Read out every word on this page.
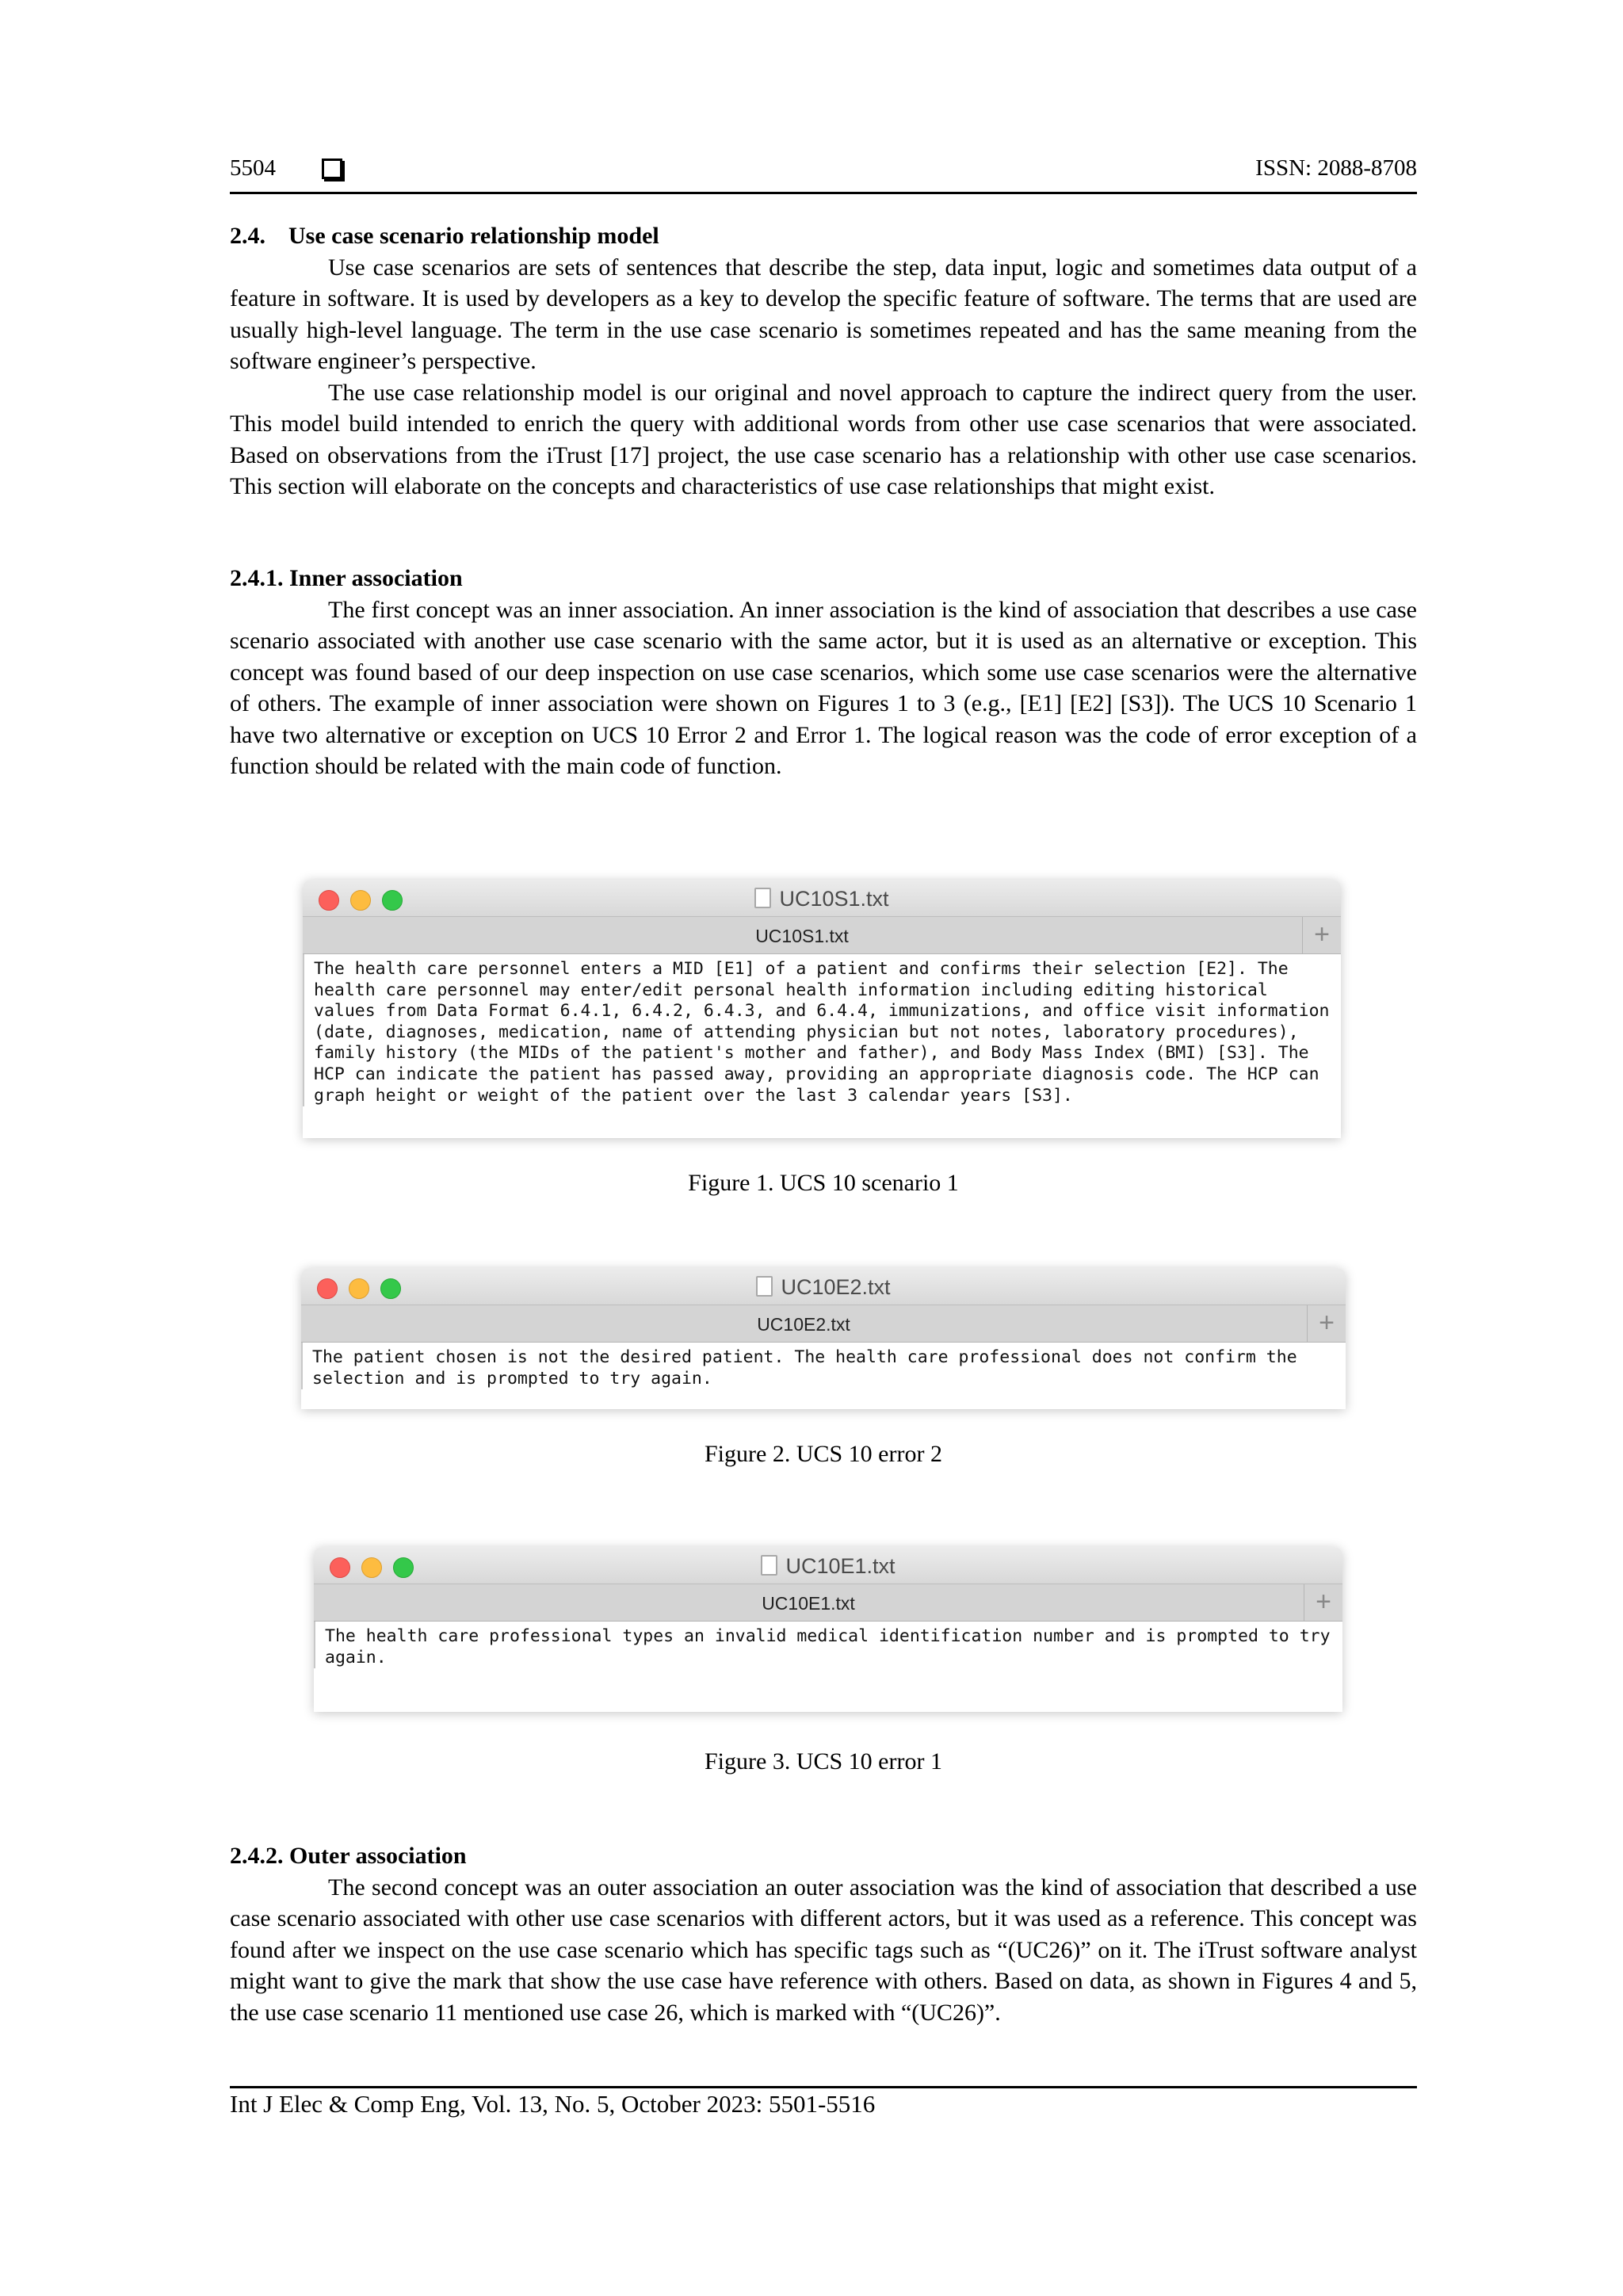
5504	ISSN: 2088-8708

2.4. Use case scenario relationship model

Use case scenarios are sets of sentences that describe the step, data input, logic and sometimes data output of a feature in software. It is used by developers as a key to develop the specific feature of software. The terms that are used are usually high-level language. The term in the use case scenario is sometimes repeated and has the same meaning from the software engineer’s perspective.

The use case relationship model is our original and novel approach to capture the indirect query from the user. This model build intended to enrich the query with additional words from other use case scenarios that were associated. Based on observations from the iTrust [17] project, the use case scenario has a relationship with other use case scenarios. This section will elaborate on the concepts and characteristics of use case relationships that might exist.

2.4.1. Inner association

The first concept was an inner association. An inner association is the kind of association that describes a use case scenario associated with another use case scenario with the same actor, but it is used as an alternative or exception. This concept was found based of our deep inspection on use case scenarios, which some use case scenarios were the alternative of others. The example of inner association were shown on Figures 1 to 3 (e.g., [E1] [E2] [S3]). The UCS 10 Scenario 1 have two alternative or exception on UCS 10 Error 2 and Error 1. The logical reason was the code of error exception of a function should be related with the main code of function.

UC10S1.txt
UC10S1.txt	+
The health care personnel enters a MID [E1] of a patient and confirms their selection [E2]. The health care personnel may enter/edit personal health information including editing historical values from Data Format 6.4.1, 6.4.2, 6.4.3, and 6.4.4, immunizations, and office visit information (date, diagnoses, medication, name of attending physician but not notes, laboratory procedures), family history (the MIDs of the patient's mother and father), and Body Mass Index (BMI) [S3]. The HCP can indicate the patient has passed away, providing an appropriate diagnosis code. The HCP can graph height or weight of the patient over the last 3 calendar years [S3].
Figure 1. UCS 10 scenario 1
UC10E2.txt
UC10E2.txt	+
The patient chosen is not the desired patient. The health care professional does not confirm the selection and is prompted to try again.
Figure 2. UCS 10 error 2
UC10E1.txt
UC10E1.txt	+
The health care professional types an invalid medical identification number and is prompted to try again.
Figure 3. UCS 10 error 1

2.4.2. Outer association

The second concept was an outer association an outer association was the kind of association that described a use case scenario associated with other use case scenarios with different actors, but it was used as a reference. This concept was found after we inspect on the use case scenario which has specific tags such as “(UC26)” on it. The iTrust software analyst might want to give the mark that show the use case have reference with others. Based on data, as shown in Figures 4 and 5, the use case scenario 11 mentioned use case 26, which is marked with “(UC26)”.

Int J Elec & Comp Eng, Vol. 13, No. 5, October 2023: 5501-5516
